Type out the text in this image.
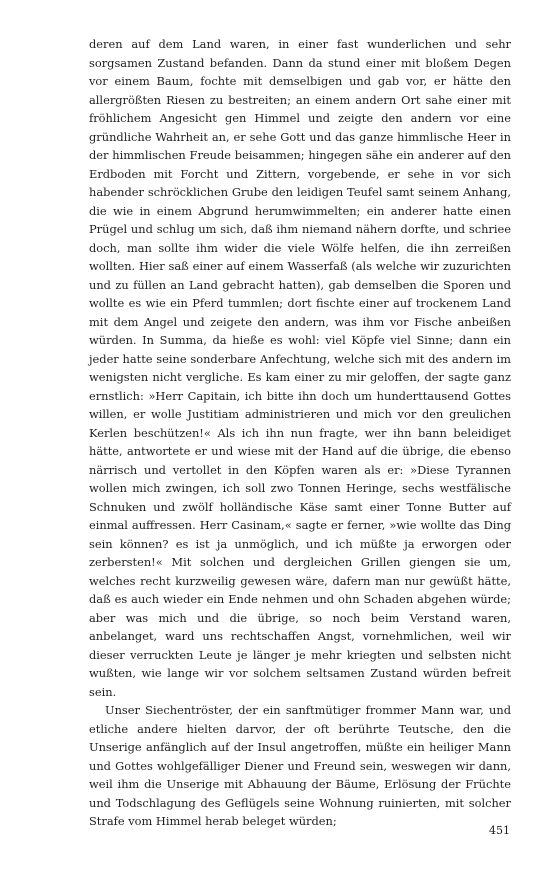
deren auf dem Land waren, in einer fast wunderlichen und sehr sorgsamen Zustand befanden. Dann da stund einer mit bloßem Degen vor einem Baum, fochte mit demselbigen und gab vor, er hätte den allergrößten Riesen zu bestreiten; an einem andern Ort sahe einer mit fröhlichem Angesicht gen Himmel und zeigte den andern vor eine gründliche Wahrheit an, er sehe Gott und das ganze himmlische Heer in der himmlischen Freude beisammen; hingegen sähe ein anderer auf den Erdboden mit Forcht und Zittern, vorgebende, er sehe in vor sich habender schröcklichen Grube den leidigen Teufel samt seinem Anhang, die wie in einem Abgrund herumwimmelten; ein anderer hatte einen Prügel und schlug um sich, daß ihm niemand nähern dorfte, und schriee doch, man sollte ihm wider die viele Wölfe helfen, die ihn zerreißen wollten. Hier saß einer auf einem Wasserfaß (als welche wir zuzurichten und zu füllen an Land gebracht hatten), gab demselben die Sporen und wollte es wie ein Pferd tummlen; dort fischte einer auf trockenem Land mit dem Angel und zeigete den andern, was ihm vor Fische anbeißen würden. In Summa, da hieße es wohl: viel Köpfe viel Sinne; dann ein jeder hatte seine sonderbare Anfechtung, welche sich mit des andern im wenigsten nicht vergliche. Es kam einer zu mir geloffen, der sagte ganz ernstlich: »Herr Capitain, ich bitte ihn doch um hunderttausend Gottes willen, er wolle Justitiam administrieren und mich vor den greulichen Kerlen beschützen!« Als ich ihn nun fragte, wer ihn bann beleidiget hätte, antwortete er und wiese mit der Hand auf die übrige, die ebenso närrisch und vertollet in den Köpfen waren als er: »Diese Tyrannen wollen mich zwingen, ich soll zwo Tonnen Heringe, sechs westfälische Schnuken und zwölf holländische Käse samt einer Tonne Butter auf einmal auffressen. Herr Casinam,« sagte er ferner, »wie wollte das Ding sein können? es ist ja unmöglich, und ich müßte ja erworgen oder zerbersten!« Mit solchen und dergleichen Grillen giengen sie um, welches recht kurzweilig gewesen wäre, dafern man nur gewüßt hätte, daß es auch wieder ein Ende nehmen und ohn Schaden abgehen würde; aber was mich und die übrige, so noch beim Verstand waren, anbelanget, ward uns rechtschaffen Angst, vornehmlichen, weil wir dieser verruckten Leute je länger je mehr kriegten und selbsten nicht wußten, wie lange wir vor solchem seltsamen Zustand würden befreit sein.

Unser Siechentröster, der ein sanftmütiger frommer Mann war, und etliche andere hielten darvor, der oft berührte Teutsche, den die Unserige anfänglich auf der Insul angetroffen, müßte ein heiliger Mann und Gottes wohlgefälliger Diener und Freund sein, weswegen wir dann, weil ihm die Unserige mit Abhauung der Bäume, Erlösung der Früchte und Todschlagung des Geflügels seine Wohnung ruinierten, mit solcher Strafe vom Himmel herab beleget würden;

451
